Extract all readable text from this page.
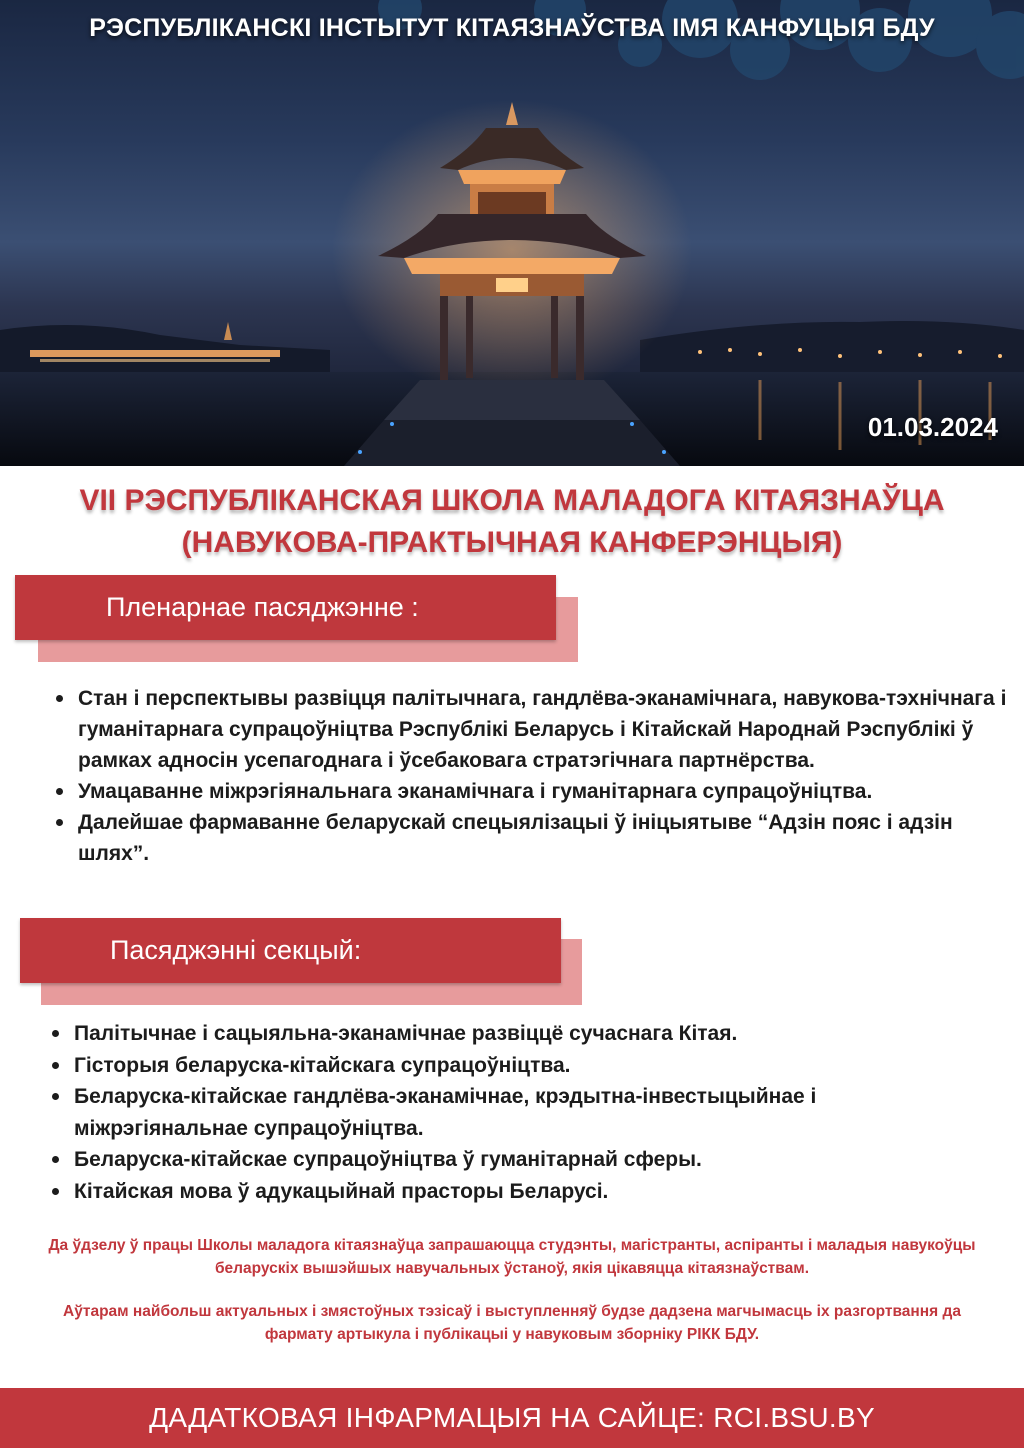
РЭСПУБЛІКАНСКІ ІНСТЫТУТ КІТАЯЗНАЎСТВА ІМЯ КАНФУЦЫЯ БДУ
01.03.2024
VII РЭСПУБЛІКАНСКАЯ ШКОЛА МАЛАДОГА КІТАЯЗНАЎЦА
(НАВУКОВА-ПРАКТЫЧНАЯ КАНФЕРЭНЦЫЯ)
Пленарнае пасяджэнне :
Стан і перспектывы развіцця палітычнага, гандлёва-эканамічнага, навукова-тэхнічнага і гуманітарнага супрацоўніцтва Рэспублікі Беларусь і Кітайскай Народнай Рэспублікі ў рамках адносін усепагоднага і ўсебаковага стратэгічнага партнёрства.
Умацаванне міжрэгіянальнага эканамічнага і гуманітарнага супрацоўніцтва.
Далейшае фармаванне беларускай спецыялізацыі ў ініцыятыве “Адзін пояс і адзін шлях”.
Пасяджэнні секцый:
Палітычнае і сацыяльна-эканамічнае развіццё сучаснага Кітая.
Гісторыя беларуска-кітайскага супрацоўніцтва.
Беларуска-кітайскае гандлёва-эканамічнае, крэдытна-інвестыцыйнае і міжрэгіянальнае супрацоўніцтва.
Беларуска-кітайскае супрацоўніцтва ў гуманітарнай сферы.
Кітайская мова ў адукацыйнай прасторы Беларусі.
Да ўдзелу ў працы Школы маладога кітаязнаўца запрашаюцца студэнты, магістранты, аспіранты і маладыя навукоўцы беларускіх вышэйшых навучальных ўстаноў, якія цікавяцца кітаязнаўствам.
Аўтарам найбольш актуальных і змястоўных тэзісаў і выступленняў будзе дадзена магчымасць іх разгортвання да фармату артыкула і публікацыі у навуковым зборніку РІКК БДУ.
ДАДАТКОВАЯ ІНФАРМАЦЫЯ НА САЙЦЕ: RCI.BSU.BY
